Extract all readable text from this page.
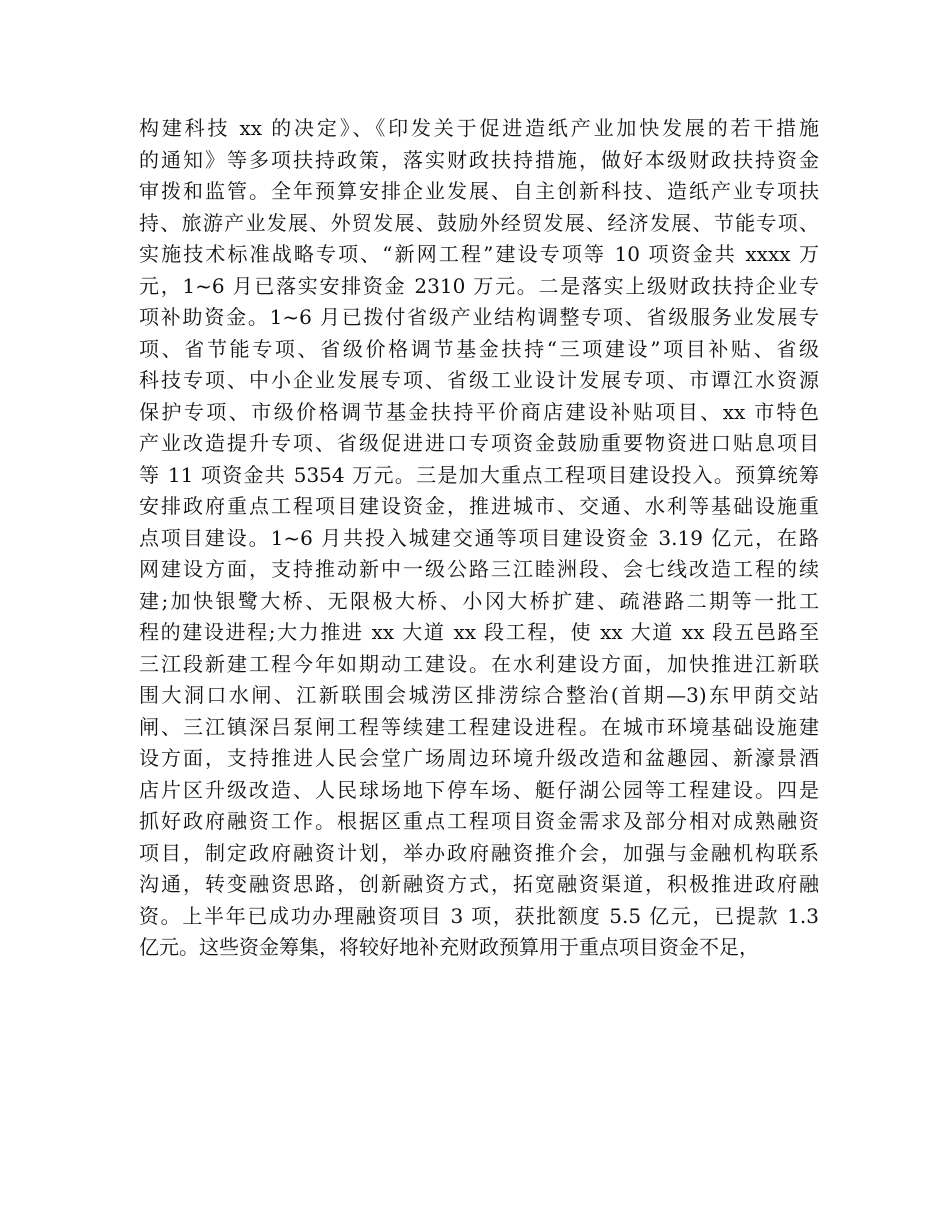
构建科技 xx 的决定》、《印发关于促进造纸产业加快发展的若干措施
的通知》等多项扶持政策，落实财政扶持措施，做好本级财政扶持资金
审拨和监管。全年预算安排企业发展、自主创新科技、造纸产业专项扶
持、旅游产业发展、外贸发展、鼓励外经贸发展、经济发展、节能专项、
实施技术标准战略专项、“新网工程”建设专项等 10 项资金共 xxxx 万
元，1~6 月已落实安排资金 2310 万元。二是落实上级财政扶持企业专
项补助资金。1~6 月已拨付省级产业结构调整专项、省级服务业发展专
项、省节能专项、省级价格调节基金扶持“三项建设”项目补贴、省级
科技专项、中小企业发展专项、省级工业设计发展专项、市谭江水资源
保护专项、市级价格调节基金扶持平价商店建设补贴项目、xx 市特色
产业改造提升专项、省级促进进口专项资金鼓励重要物资进口贴息项目
等 11 项资金共 5354 万元。三是加大重点工程项目建设投入。预算统筹
安排政府重点工程项目建设资金，推进城市、交通、水利等基础设施重
点项目建设。1~6 月共投入城建交通等项目建设资金 3.19 亿元，在路
网建设方面，支持推动新中一级公路三江睦洲段、会七线改造工程的续
建;加快银鹭大桥、无限极大桥、小冈大桥扩建、疏港路二期等一批工
程的建设进程;大力推进 xx 大道 xx 段工程，使 xx 大道 xx 段五邑路至
三江段新建工程今年如期动工建设。在水利建设方面，加快推进江新联
围大洞口水闸、江新联围会城涝区排涝综合整治(首期—3)东甲荫交站
闸、三江镇深吕泵闸工程等续建工程建设进程。在城市环境基础设施建
设方面，支持推进人民会堂广场周边环境升级改造和盆趣园、新濠景酒
店片区升级改造、人民球场地下停车场、艇仔湖公园等工程建设。四是
抓好政府融资工作。根据区重点工程项目资金需求及部分相对成熟融资
项目，制定政府融资计划，举办政府融资推介会，加强与金融机构联系
沟通，转变融资思路，创新融资方式，拓宽融资渠道，积极推进政府融
资。上半年已成功办理融资项目 3 项，获批额度 5.5 亿元，已提款 1.3
亿元。这些资金筹集，将较好地补充财政预算用于重点项目资金不足，
